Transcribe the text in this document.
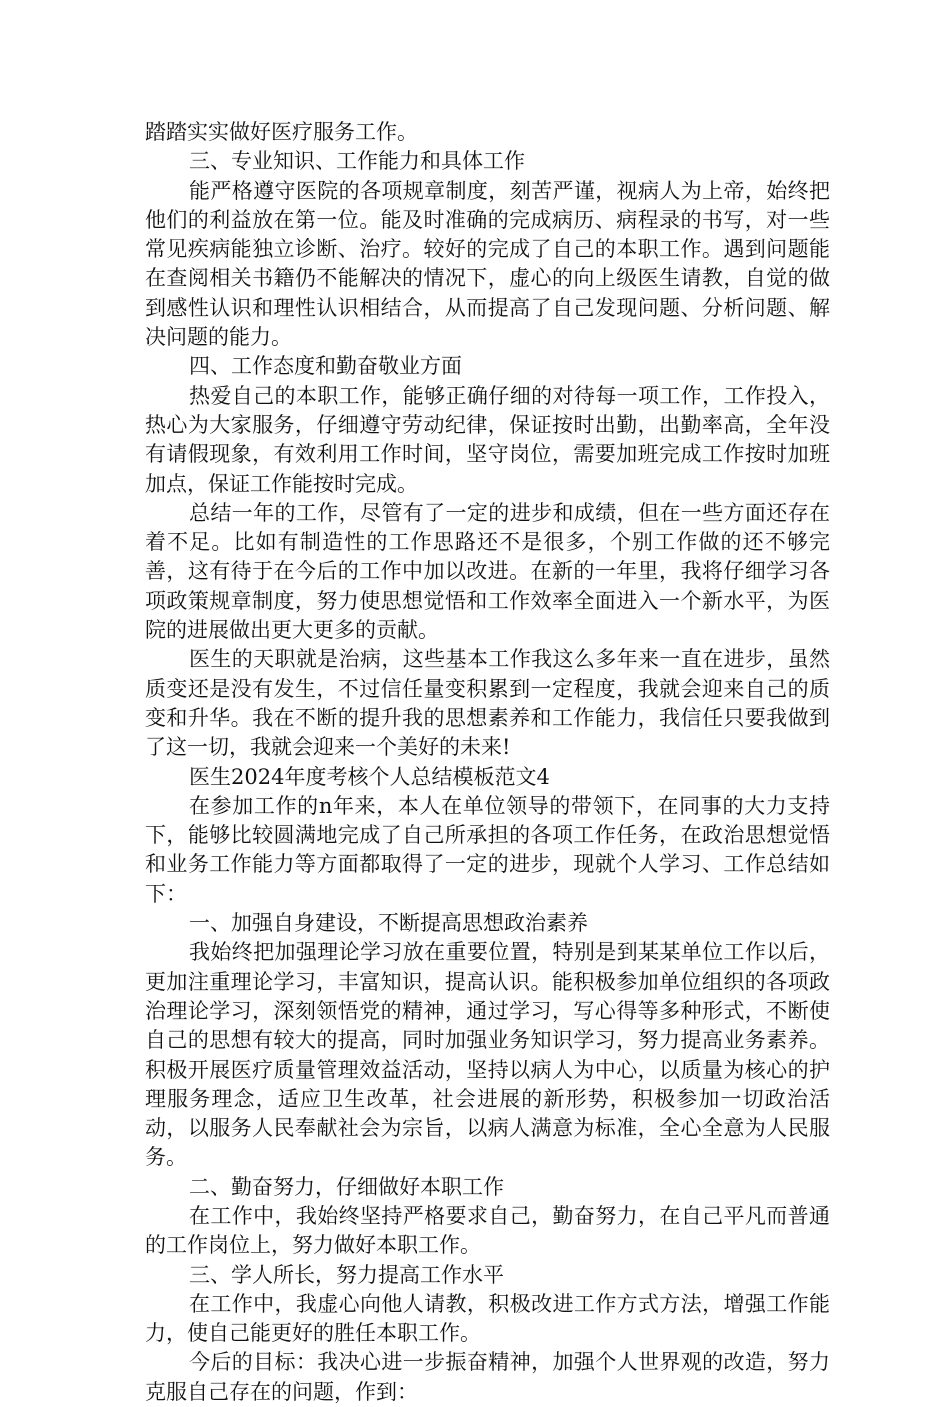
踏踏实实做好医疗服务工作。

三、专业知识、工作能力和具体工作

能严格遵守医院的各项规章制度，刻苦严谨，视病人为上帝，始终把他们的利益放在第一位。能及时准确的完成病历、病程录的书写，对一些常见疾病能独立诊断、治疗。较好的完成了自己的本职工作。遇到问题能在查阅相关书籍仍不能解决的情况下，虚心的向上级医生请教，自觉的做到感性认识和理性认识相结合，从而提高了自己发现问题、分析问题、解决问题的能力。

四、工作态度和勤奋敬业方面

热爱自己的本职工作，能够正确仔细的对待每一项工作，工作投入，热心为大家服务，仔细遵守劳动纪律，保证按时出勤，出勤率高，全年没有请假现象，有效利用工作时间，坚守岗位，需要加班完成工作按时加班加点，保证工作能按时完成。

总结一年的工作，尽管有了一定的进步和成绩，但在一些方面还存在着不足。比如有制造性的工作思路还不是很多，个别工作做的还不够完善，这有待于在今后的工作中加以改进。在新的一年里，我将仔细学习各项政策规章制度，努力使思想觉悟和工作效率全面进入一个新水平，为医院的进展做出更大更多的贡献。

医生的天职就是治病，这些基本工作我这么多年来一直在进步，虽然质变还是没有发生，不过信任量变积累到一定程度，我就会迎来自己的质变和升华。我在不断的提升我的思想素养和工作能力，我信任只要我做到了这一切，我就会迎来一个美好的未来!

医生2024年度考核个人总结模板范文4

在参加工作的n年来，本人在单位领导的带领下，在同事的大力支持下，能够比较圆满地完成了自己所承担的各项工作任务，在政治思想觉悟和业务工作能力等方面都取得了一定的进步，现就个人学习、工作总结如下：

一、加强自身建设，不断提高思想政治素养

我始终把加强理论学习放在重要位置，特别是到某某单位工作以后，更加注重理论学习，丰富知识，提高认识。能积极参加单位组织的各项政治理论学习，深刻领悟党的精神，通过学习，写心得等多种形式，不断使自己的思想有较大的提高，同时加强业务知识学习，努力提高业务素养。积极开展医疗质量管理效益活动，坚持以病人为中心，以质量为核心的护理服务理念，适应卫生改革，社会进展的新形势，积极参加一切政治活动，以服务人民奉献社会为宗旨，以病人满意为标准，全心全意为人民服务。

二、勤奋努力，仔细做好本职工作

在工作中，我始终坚持严格要求自己，勤奋努力，在自己平凡而普通的工作岗位上，努力做好本职工作。

三、学人所长，努力提高工作水平

在工作中，我虚心向他人请教，积极改进工作方式方法，增强工作能力，使自己能更好的胜任本职工作。

今后的目标：我决心进一步振奋精神，加强个人世界观的改造，努力克服自己存在的问题，作到：
